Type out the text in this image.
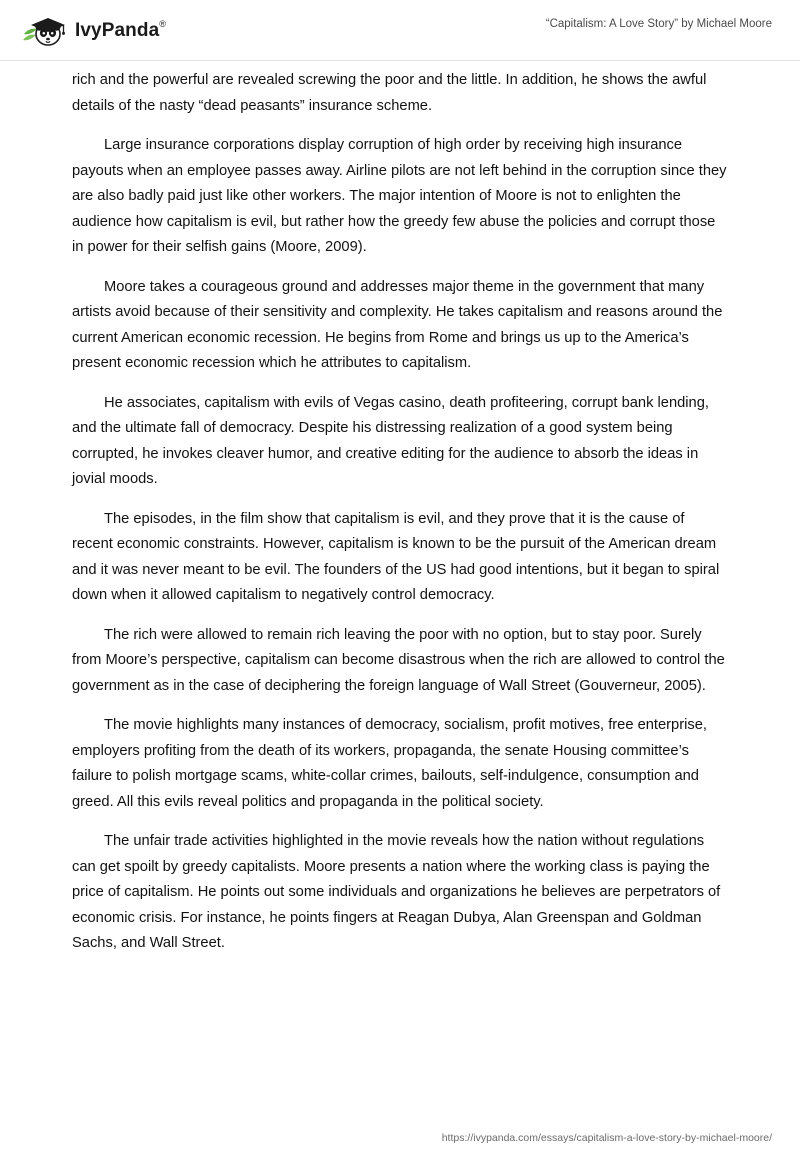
IvyPanda®	“Capitalism: A Love Story” by Michael Moore

rich and the powerful are revealed screwing the poor and the little. In addition, he shows the awful details of the nasty “dead peasants” insurance scheme.

Large insurance corporations display corruption of high order by receiving high insurance payouts when an employee passes away. Airline pilots are not left behind in the corruption since they are also badly paid just like other workers. The major intention of Moore is not to enlighten the audience how capitalism is evil, but rather how the greedy few abuse the policies and corrupt those in power for their selfish gains (Moore, 2009).

Moore takes a courageous ground and addresses major theme in the government that many artists avoid because of their sensitivity and complexity. He takes capitalism and reasons around the current American economic recession. He begins from Rome and brings us up to the America’s present economic recession which he attributes to capitalism.

He associates, capitalism with evils of Vegas casino, death profiteering, corrupt bank lending, and the ultimate fall of democracy. Despite his distressing realization of a good system being corrupted, he invokes cleaver humor, and creative editing for the audience to absorb the ideas in jovial moods.

The episodes, in the film show that capitalism is evil, and they prove that it is the cause of recent economic constraints. However, capitalism is known to be the pursuit of the American dream and it was never meant to be evil. The founders of the US had good intentions, but it began to spiral down when it allowed capitalism to negatively control democracy.

The rich were allowed to remain rich leaving the poor with no option, but to stay poor. Surely from Moore’s perspective, capitalism can become disastrous when the rich are allowed to control the government as in the case of deciphering the foreign language of Wall Street (Gouverneur, 2005).

The movie highlights many instances of democracy, socialism, profit motives, free enterprise, employers profiting from the death of its workers, propaganda, the senate Housing committee’s failure to polish mortgage scams, white-collar crimes, bailouts, self-indulgence, consumption and greed. All this evils reveal politics and propaganda in the political society.

The unfair trade activities highlighted in the movie reveals how the nation without regulations can get spoilt by greedy capitalists. Moore presents a nation where the working class is paying the price of capitalism. He points out some individuals and organizations he believes are perpetrators of economic crisis. For instance, he points fingers at Reagan Dubya, Alan Greenspan and Goldman Sachs, and Wall Street.

https://ivypanda.com/essays/capitalism-a-love-story-by-michael-moore/
